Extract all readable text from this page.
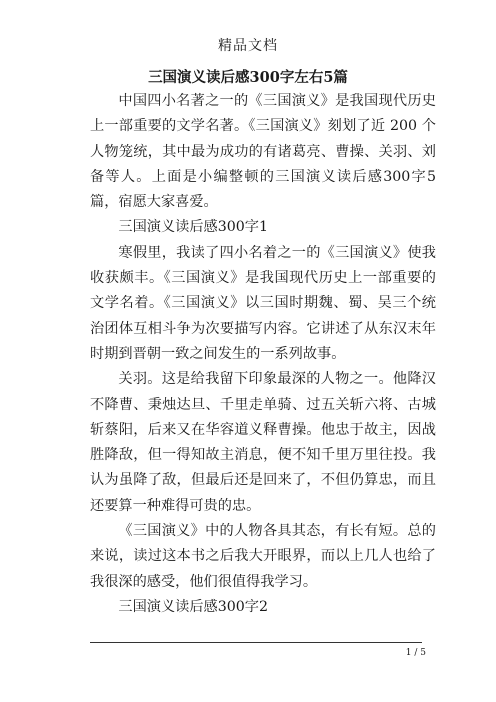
精品文档
三国演义读后感300字左右5篇

中国四小名著之一的《三国演义》是我国现代历史上一部重要的文学名著。《三国演义》刻划了近 200 个人物笼统，其中最为成功的有诸葛亮、曹操、关羽、刘备等人。上面是小编整顿的三国演义读后感300字5篇，宿愿大家喜爱。

三国演义读后感300字1

寒假里，我读了四小名着之一的《三国演义》使我收获颇丰。《三国演义》是我国现代历史上一部重要的文学名着。《三国演义》以三国时期魏、蜀、吴三个统治团体互相斗争为次要描写内容。它讲述了从东汉末年时期到晋朝一致之间发生的一系列故事。

关羽。这是给我留下印象最深的人物之一。他降汉不降曹、秉烛达旦、千里走单骑、过五关斩六将、古城斩蔡阳，后来又在华容道义释曹操。他忠于故主，因战胜降敌，但一得知故主消息，便不知千里万里往投。我认为虽降了敌，但最后还是回来了，不但仍算忠，而且还要算一种难得可贵的忠。

《三国演义》中的人物各具其态，有长有短。总的来说，读过这本书之后我大开眼界，而以上几人也给了我很深的感受，他们很值得我学习。

三国演义读后感300字2

1 / 5
